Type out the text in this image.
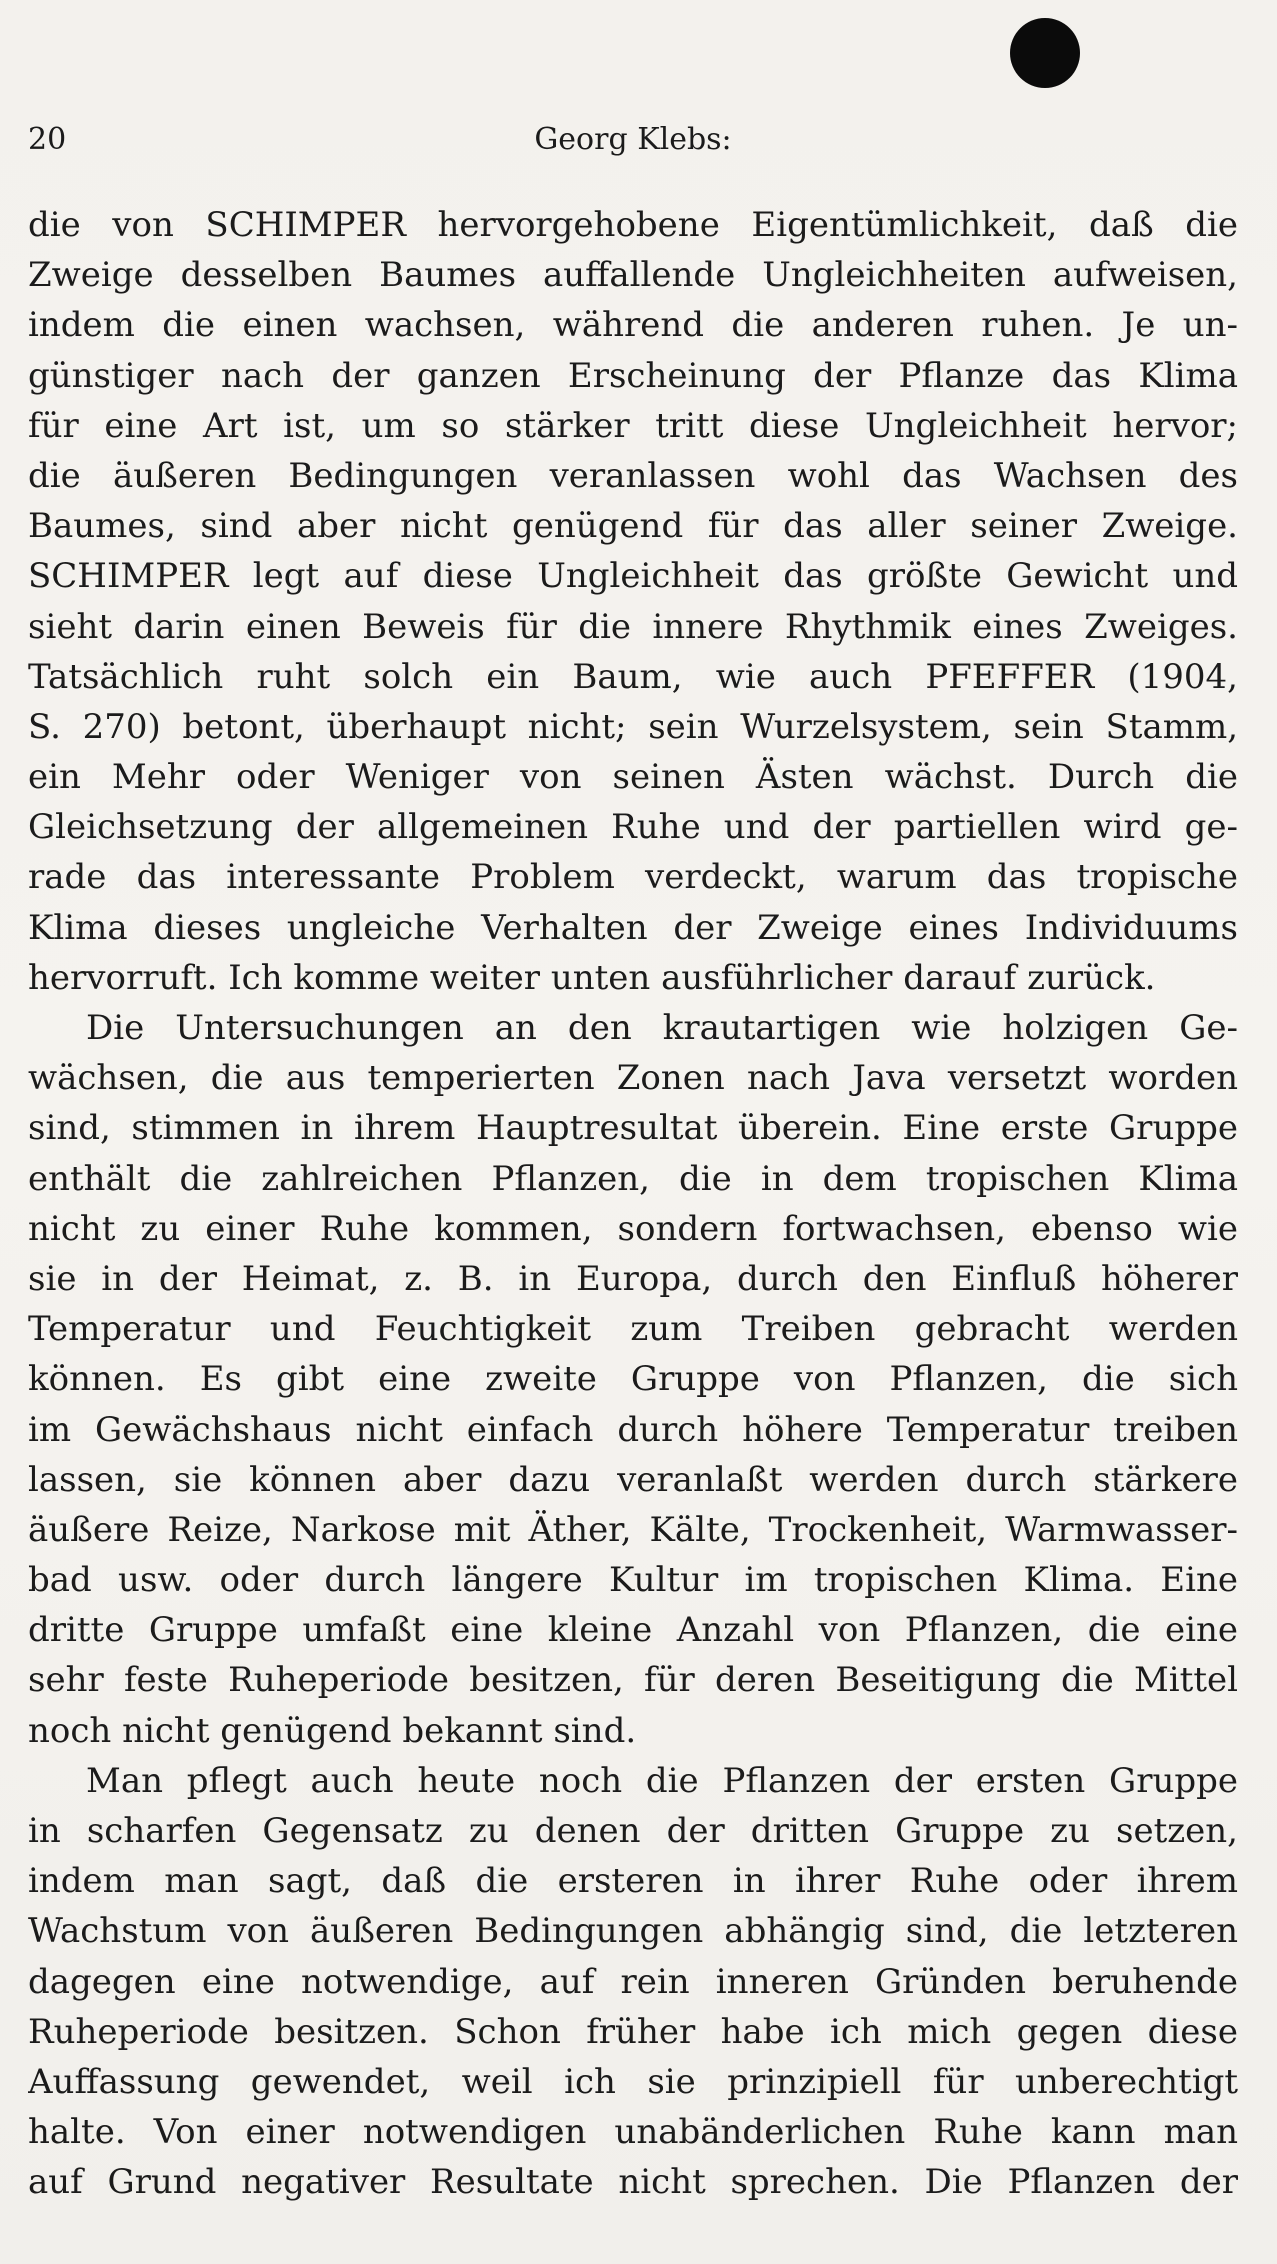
20	Georg Klebs:
die von SCHIMPER hervorgehobene Eigentümlichkeit, daß die
Zweige desselben Baumes auffallende Ungleichheiten aufweisen,
indem die einen wachsen, während die anderen ruhen. Je un-
günstiger nach der ganzen Erscheinung der Pflanze das Klima
für eine Art ist, um so stärker tritt diese Ungleichheit hervor;
die äußeren Bedingungen veranlassen wohl das Wachsen des
Baumes, sind aber nicht genügend für das aller seiner Zweige.
SCHIMPER legt auf diese Ungleichheit das größte Gewicht und
sieht darin einen Beweis für die innere Rhythmik eines Zweiges.
Tatsächlich ruht solch ein Baum, wie auch PFEFFER (1904,
S. 270) betont, überhaupt nicht; sein Wurzelsystem, sein Stamm,
ein Mehr oder Weniger von seinen Ästen wächst. Durch die
Gleichsetzung der allgemeinen Ruhe und der partiellen wird ge-
rade das interessante Problem verdeckt, warum das tropische
Klima dieses ungleiche Verhalten der Zweige eines Individuums
hervorruft. Ich komme weiter unten ausführlicher darauf zurück.
Die Untersuchungen an den krautartigen wie holzigen Ge-
wächsen, die aus temperierten Zonen nach Java versetzt worden
sind, stimmen in ihrem Hauptresultat überein. Eine erste Gruppe
enthält die zahlreichen Pflanzen, die in dem tropischen Klima
nicht zu einer Ruhe kommen, sondern fortwachsen, ebenso wie
sie in der Heimat, z. B. in Europa, durch den Einfluß höherer
Temperatur und Feuchtigkeit zum Treiben gebracht werden
können. Es gibt eine zweite Gruppe von Pflanzen, die sich
im Gewächshaus nicht einfach durch höhere Temperatur treiben
lassen, sie können aber dazu veranlaßt werden durch stärkere
äußere Reize, Narkose mit Äther, Kälte, Trockenheit, Warmwasser-
bad usw. oder durch längere Kultur im tropischen Klima. Eine
dritte Gruppe umfaßt eine kleine Anzahl von Pflanzen, die eine
sehr feste Ruheperiode besitzen, für deren Beseitigung die Mittel
noch nicht genügend bekannt sind.
Man pflegt auch heute noch die Pflanzen der ersten Gruppe
in scharfen Gegensatz zu denen der dritten Gruppe zu setzen,
indem man sagt, daß die ersteren in ihrer Ruhe oder ihrem
Wachstum von äußeren Bedingungen abhängig sind, die letzteren
dagegen eine notwendige, auf rein inneren Gründen beruhende
Ruheperiode besitzen. Schon früher habe ich mich gegen diese
Auffassung gewendet, weil ich sie prinzipiell für unberechtigt
halte. Von einer notwendigen unabänderlichen Ruhe kann man
auf Grund negativer Resultate nicht sprechen. Die Pflanzen der
